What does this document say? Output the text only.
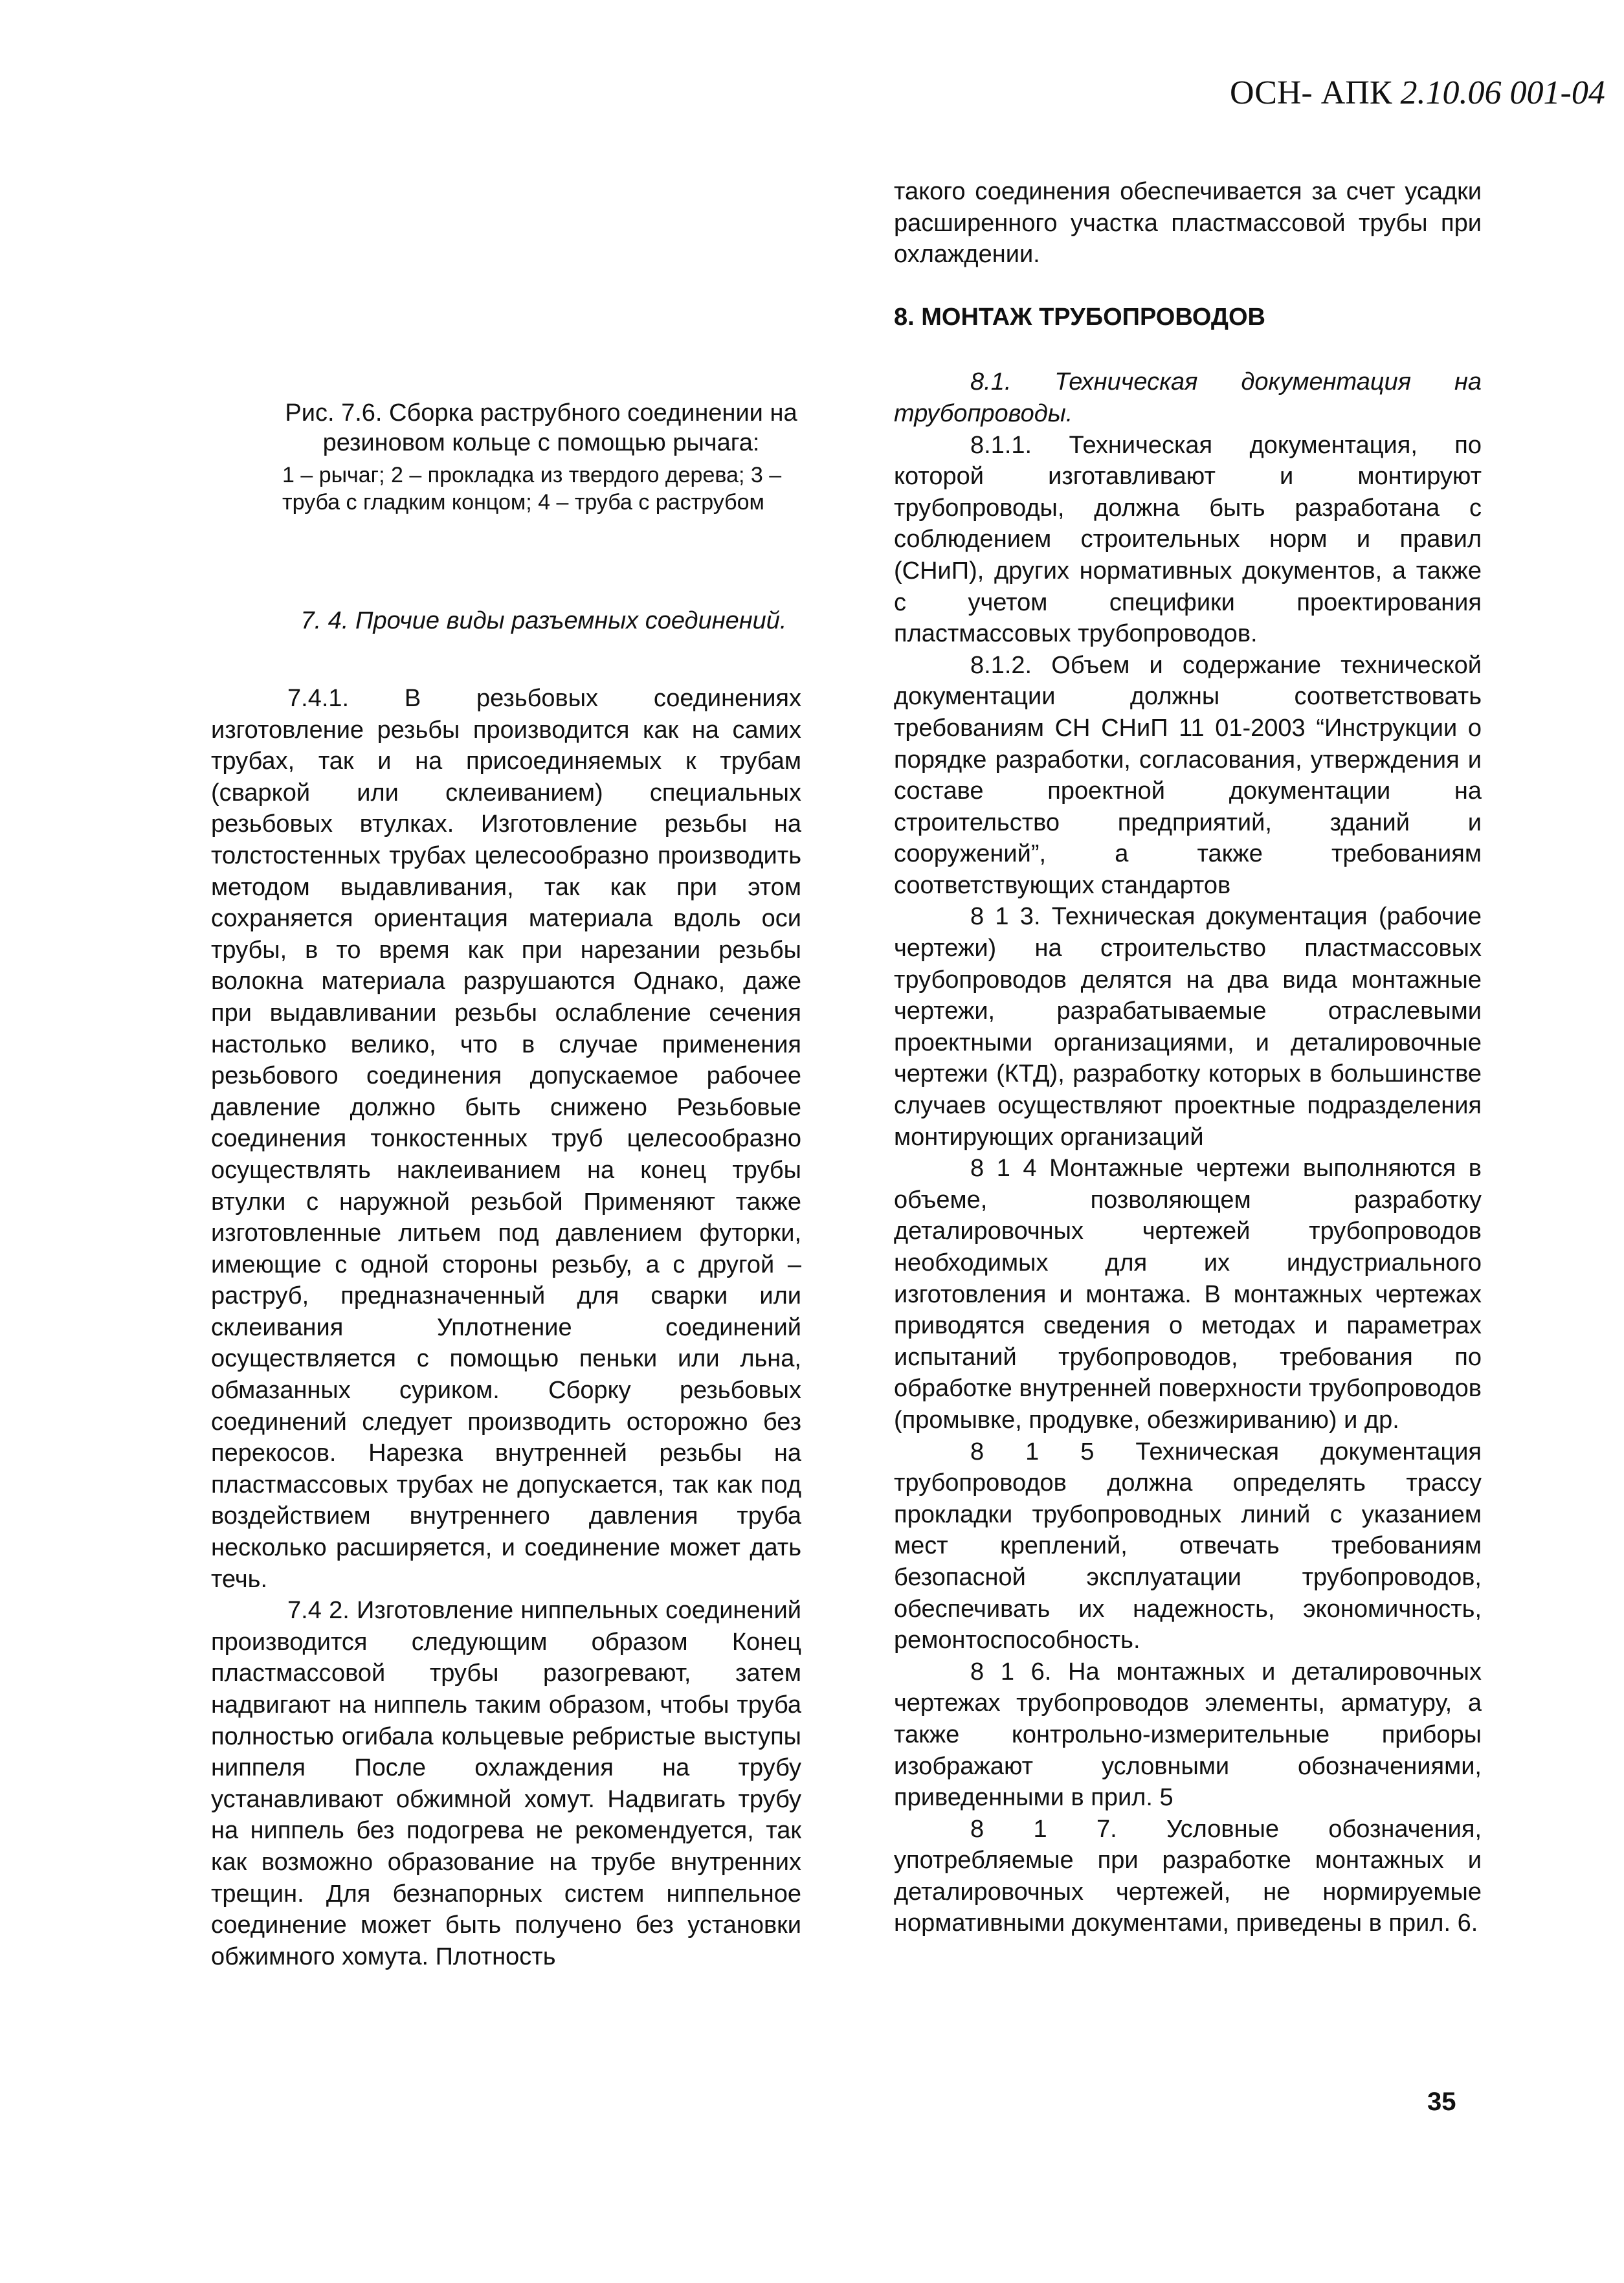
ОСН- АПК 2.10.06 001-04
Рис. 7.6. Сборка раструбного соединении на резиновом кольце с помощью рычага:
1 – рычаг; 2 – прокладка из твердого дерева; 3 – труба с гладким концом; 4 – труба с раструбом
7. 4. Прочие виды разъемных соединений.

7.4.1. В резьбовых соединениях изготовление резьбы производится как на самих трубах, так и на присоединяемых к трубам (сваркой или склеиванием) специальных резьбовых втулках. Изготовление резьбы на толстостенных трубах целесообразно производить методом выдавливания, так как при этом сохраняется ориентация материала вдоль оси трубы, в то время как при нарезании резьбы волокна материала разрушаются Однако, даже при выдавливании резьбы ослабление сечения настолько велико, что в случае применения резьбового соединения допускаемое рабочее давление должно быть снижено Резьбовые соединения тонкостенных труб целесообразно осуществлять наклеиванием на конец трубы втулки с наружной резьбой Применяют также изготовленные литьем под давлением футорки, имеющие с одной стороны резьбу, а с другой – раструб, предназначенный для сварки или склеивания Уплотнение соединений осуществляется с помощью пеньки или льна, обмазанных суриком. Сборку резьбовых соединений следует производить осторожно без перекосов. Нарезка внутренней резьбы на пластмассовых трубах не допускается, так как под воздействием внутреннего давления труба несколько расширяется, и соединение может дать течь.

7.4 2. Изготовление ниппельных соединений производится следующим образом Конец пластмассовой трубы разогревают, затем надвигают на ниппель таким образом, чтобы труба полностью огибала кольцевые ребристые выступы ниппеля После охлаждения на трубу устанавливают обжимной хомут. Надвигать трубу на ниппель без подогрева не рекомендуется, так как возможно образование на трубе внутренних трещин. Для безнапорных систем ниппельное соединение может быть получено без установки обжимного хомута. Плотность

такого соединения обеспечивается за счет усадки расширенного участка пластмассовой трубы при охлаждении.

8. МОНТАЖ ТРУБОПРОВОДОВ

8.1. Техническая документация на трубопроводы.

8.1.1. Техническая документация, по которой изготавливают и монтируют трубопроводы, должна быть разработана с соблюдением строительных норм и правил (СНиП), других нормативных документов, а также с учетом специфики проектирования пластмассовых трубопроводов.

8.1.2. Объем и содержание технической документации должны соответствовать требованиям СН СНиП 11 01-2003 “Инструкции о порядке разработки, согласования, утверждения и составе проектной документации на строительство предприятий, зданий и сооружений”, а также требованиям соответствующих стандартов

8 1 3. Техническая документация (рабочие чертежи) на строительство пластмассовых трубопроводов делятся на два вида монтажные чертежи, разрабатываемые отраслевыми проектными организациями, и деталировочные чертежи (КТД), разработку которых в большинстве случаев осуществляют проектные подразделения монтирующих организаций

8 1 4 Монтажные чертежи выполняются в объеме, позволяющем разработку деталировочных чертежей трубопроводов необходимых для их индустриального изготовления и монтажа. В монтажных чертежах приводятся сведения о методах и параметрах испытаний трубопроводов, требования по обработке внутренней поверхности трубопроводов (промывке, продувке, обезжириванию) и др.

8 1 5 Техническая документация трубопроводов должна определять трассу прокладки трубопроводных линий с указанием мест креплений, отвечать требованиям безопасной эксплуатации трубопроводов, обеспечивать их надежность, экономичность, ремонтоспособность.

8 1 6. На монтажных и деталировочных чертежах трубопроводов элементы, арматуру, а также контрольно-измерительные приборы изображают условными обозначениями, приведенными в прил. 5

8 1 7. Условные обозначения, употребляемые при разработке монтажных и деталировочных чертежей, не нормируемые нормативными документами, приведены в прил. 6.

35
